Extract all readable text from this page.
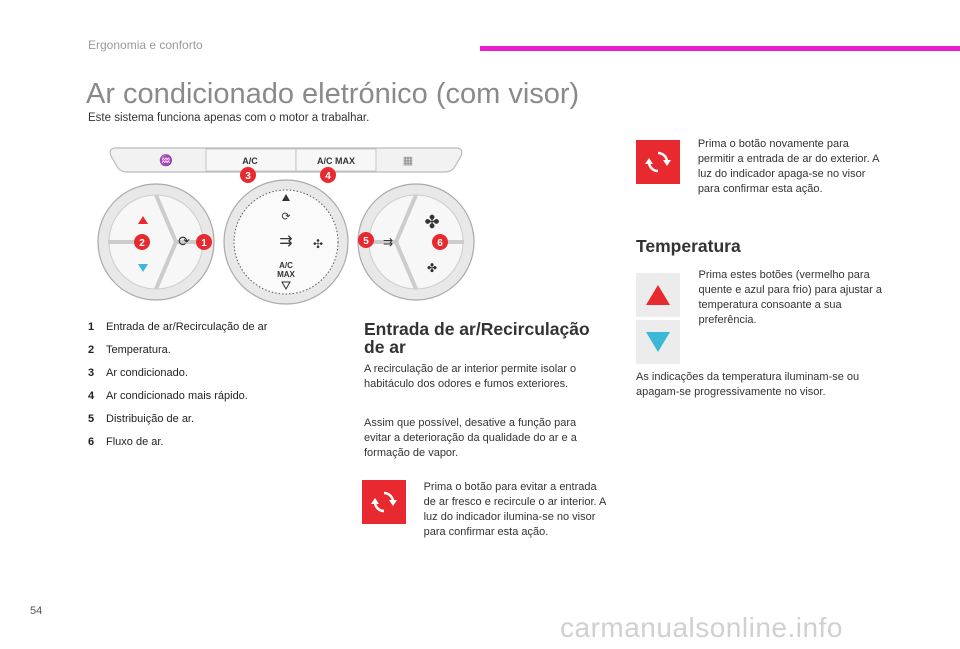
Ergonomia e conforto
Ar condicionado eletrónico (com visor)
Este sistema funciona apenas com o motor a trabalhar.
A/C	A/C MAX
♒	▦
⟳
⟳
✣
⇉
A/C
MAX
✤
✤
⇉
1
2
3	4
5	6
1	Entrada de ar/Recirculação de ar
2	Temperatura.
3	Ar condicionado.
4	Ar condicionado mais rápido.
5	Distribuição de ar.
6	Fluxo de ar.
Entrada de ar/Recirculação de ar
A recirculação de ar interior permite isolar o habitáculo dos odores e fumos exteriores.
Assim que possível, desative a função para evitar a deterioração da qualidade do ar e a formação de vapor.
Prima o botão para evitar a entrada de ar fresco e recircule o ar interior. A luz do indicador ilumina-se no visor para confirmar esta ação.
Prima o botão novamente para permitir a entrada de ar do exterior. A luz do indicador apaga-se no visor para confirmar esta ação.
Temperatura
Prima estes botões (vermelho para quente e azul para frio) para ajustar a temperatura consoante a sua preferência.
As indicações da temperatura iluminam-se ou apagam-se progressivamente no visor.
54
carmanualsonline.info
